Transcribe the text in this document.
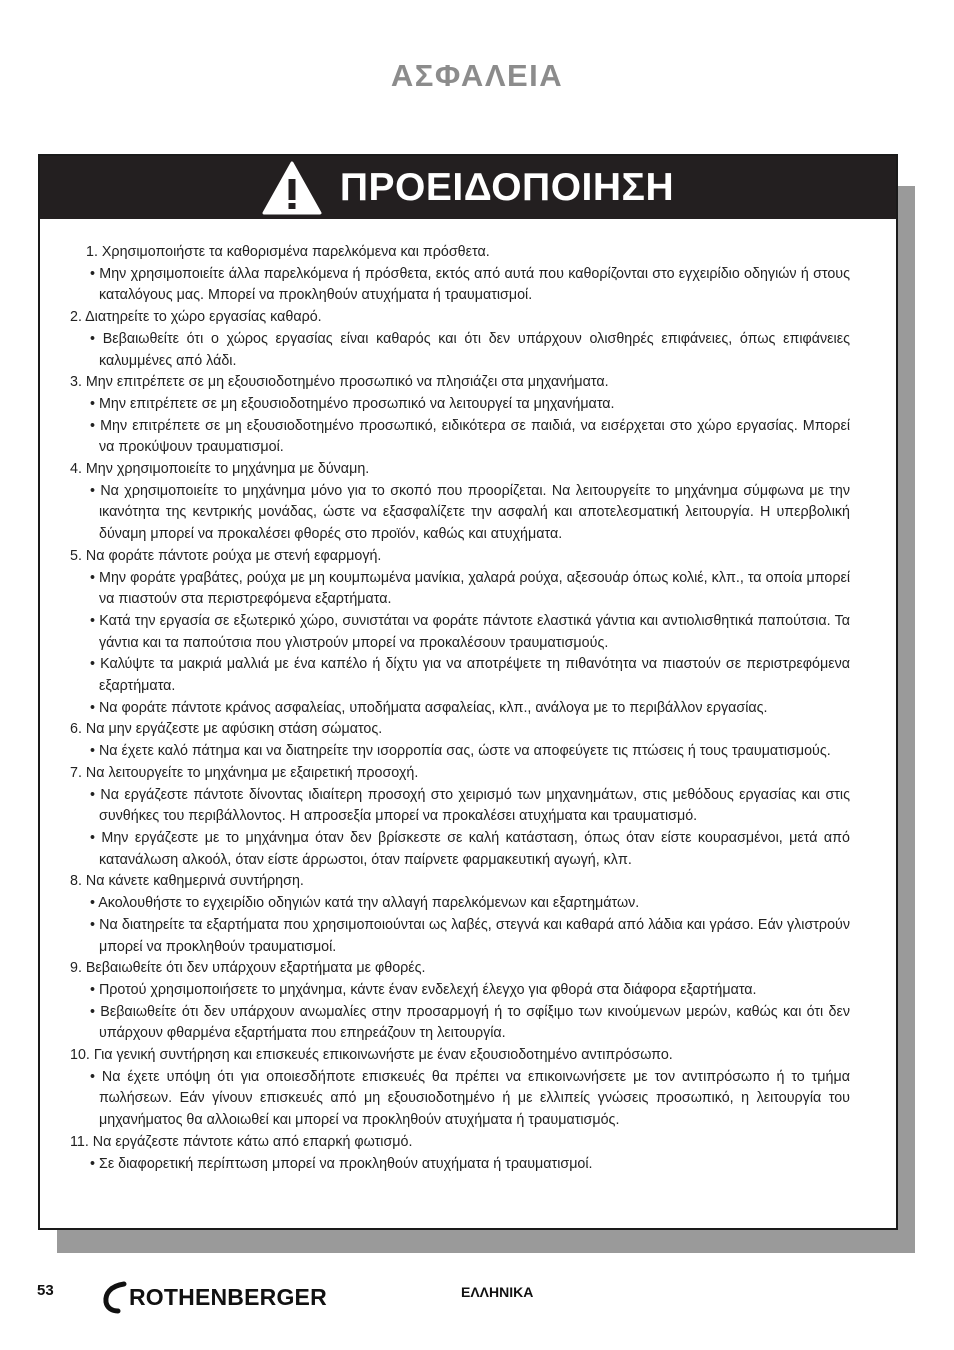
ΑΣΦΑΛΕΙΑ
ΠΡΟΕΙΔΟΠΟΙΗΣΗ
1. Χρησιμοποιήστε τα καθορισμένα παρελκόμενα και πρόσθετα.
• Μην χρησιμοποιείτε άλλα παρελκόμενα ή πρόσθετα, εκτός από αυτά που καθορίζονται στο εγχειρίδιο οδηγιών ή στους καταλόγους μας. Μπορεί να προκληθούν ατυχήματα ή τραυματισμοί.
2. Διατηρείτε το χώρο εργασίας καθαρό.
• Βεβαιωθείτε ότι ο χώρος εργασίας είναι καθαρός και ότι δεν υπάρχουν ολισθηρές επιφάνειες, όπως επιφάνειες καλυμμένες από λάδι.
3. Μην επιτρέπετε σε μη εξουσιοδοτημένο προσωπικό να πλησιάζει στα μηχανήματα.
• Μην επιτρέπετε σε μη εξουσιοδοτημένο προσωπικό να λειτουργεί τα μηχανήματα.
• Μην επιτρέπετε σε μη εξουσιοδοτημένο προσωπικό, ειδικότερα σε παιδιά, να εισέρχεται στο χώρο εργασίας. Μπορεί να προκύψουν τραυματισμοί.
4. Μην χρησιμοποιείτε το μηχάνημα με δύναμη.
• Να χρησιμοποιείτε το μηχάνημα μόνο για το σκοπό που προορίζεται. Να λειτουργείτε το μηχάνημα σύμφωνα με την ικανότητα της κεντρικής μονάδας, ώστε να εξασφαλίζετε την ασφαλή και αποτελεσματική λειτουργία. Η υπερβολική δύναμη μπορεί να προκαλέσει φθορές στο προϊόν, καθώς και ατυχήματα.
5. Να φοράτε πάντοτε ρούχα με στενή εφαρμογή.
• Μην φοράτε γραβάτες, ρούχα με μη κουμπωμένα μανίκια, χαλαρά ρούχα, αξεσουάρ όπως κολιέ, κλπ., τα οποία μπορεί να πιαστούν στα περιστρεφόμενα εξαρτήματα.
• Κατά την εργασία σε εξωτερικό χώρο, συνιστάται να φοράτε πάντοτε ελαστικά γάντια και αντιολισθητικά παπούτσια. Τα γάντια και τα παπούτσια που γλιστρούν μπορεί να προκαλέσουν τραυματισμούς.
• Καλύψτε τα μακριά μαλλιά με ένα καπέλο ή δίχτυ για να αποτρέψετε τη πιθανότητα να πιαστούν σε περιστρεφόμενα εξαρτήματα.
• Να φοράτε πάντοτε κράνος ασφαλείας, υποδήματα ασφαλείας, κλπ., ανάλογα με το περιβάλλον εργασίας.
6. Να μην εργάζεστε με αφύσικη στάση σώματος.
• Να έχετε καλό πάτημα και να διατηρείτε την ισορροπία σας, ώστε να αποφεύγετε τις πτώσεις ή τους τραυματισμούς.
7. Να λειτουργείτε το μηχάνημα με εξαιρετική προσοχή.
• Να εργάζεστε πάντοτε δίνοντας ιδιαίτερη προσοχή στο χειρισμό των μηχανημάτων, στις μεθόδους εργασίας και στις συνθήκες του περιβάλλοντος. Η απροσεξία μπορεί να προκαλέσει ατυχήματα και τραυματισμό.
• Μην εργάζεστε με το μηχάνημα όταν δεν βρίσκεστε σε καλή κατάσταση, όπως όταν είστε κουρασμένοι, μετά από κατανάλωση αλκοόλ, όταν είστε άρρωστοι, όταν παίρνετε φαρμακευτική αγωγή, κλπ.
8. Να κάνετε καθημερινά συντήρηση.
• Ακολουθήστε το εγχειρίδιο οδηγιών κατά την αλλαγή παρελκόμενων και εξαρτημάτων.
• Να διατηρείτε τα εξαρτήματα που χρησιμοποιούνται ως λαβές, στεγνά και καθαρά από λάδια και γράσο. Εάν γλιστρούν μπορεί να προκληθούν τραυματισμοί.
9. Βεβαιωθείτε ότι δεν υπάρχουν εξαρτήματα με φθορές.
• Προτού χρησιμοποιήσετε το μηχάνημα, κάντε έναν ενδελεχή έλεγχο για φθορά στα διάφορα εξαρτήματα.
• Βεβαιωθείτε ότι δεν υπάρχουν ανωμαλίες στην προσαρμογή ή το σφίξιμο των κινούμενων μερών, καθώς και ότι δεν υπάρχουν φθαρμένα εξαρτήματα που επηρεάζουν τη λειτουργία.
10. Για γενική συντήρηση και επισκευές επικοινωνήστε με έναν εξουσιοδοτημένο αντιπρόσωπο.
• Να έχετε υπόψη ότι για οποιεσδήποτε επισκευές θα πρέπει να επικοινωνήσετε με τον αντιπρόσωπο ή το τμήμα πωλήσεων. Εάν γίνουν επισκευές από μη εξουσιοδοτημένο ή με ελλιπείς γνώσεις προσωπικό, η λειτουργία του μηχανήματος θα αλλοιωθεί και μπορεί να προκληθούν ατυχήματα ή τραυματισμός.
11. Να εργάζεστε πάντοτε κάτω από επαρκή φωτισμό.
• Σε διαφορετική περίπτωση μπορεί να προκληθούν ατυχήματα ή τραυματισμοί.
53	ROTHENBERGER	ΕΛΛΗΝΙΚΑ
